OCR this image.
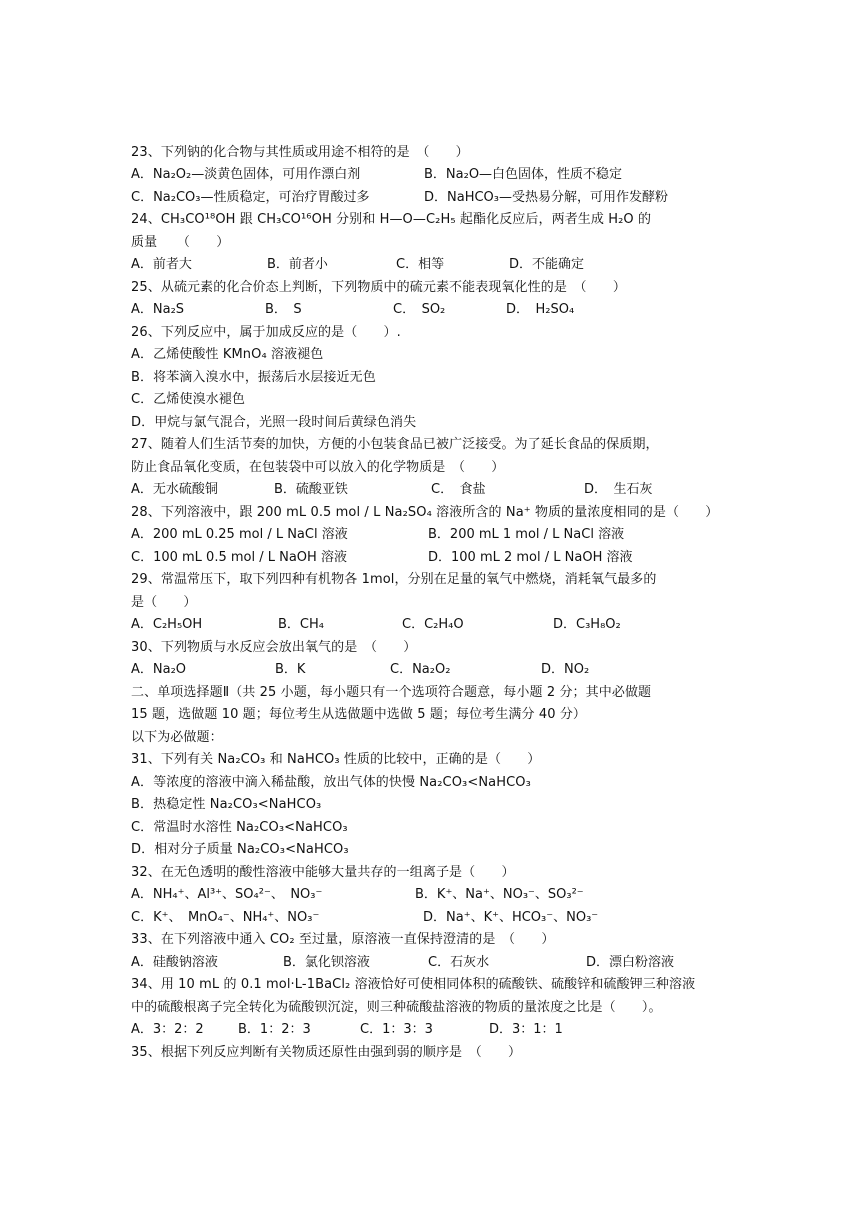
23、下列钠的化合物与其性质或用途不相符的是　（　　）
A．Na₂O₂—淡黄色固体，可用作漂白剂	B．Na₂O—白色固体，性质不稳定
C．Na₂CO₃—性质稳定，可治疗胃酸过多	D．NaHCO₃—受热易分解，可用作发酵粉
24、CH₃CO¹⁸OH 跟 CH₃CO¹⁶OH 分别和 H—O—C₂H₅ 起酯化反应后，两者生成 H₂O 的
质量　　（　　）
A．前者大	B．前者小	C．相等	D．不能确定
25、从硫元素的化合价态上判断，下列物质中的硫元素不能表现氧化性的是　（　　）
A．Na₂S	B．　S	C．　SO₂	D．　H₂SO₄
26、下列反应中，属于加成反应的是（　　）.
A．乙烯使酸性 KMnO₄ 溶液褪色
B．将苯滴入溴水中，振荡后水层接近无色
C．乙烯使溴水褪色
D．甲烷与氯气混合，光照一段时间后黄绿色消失
27、随着人们生活节奏的加快，方便的小包装食品已被广泛接受。为了延长食品的保质期，
防止食品氧化变质，在包装袋中可以放入的化学物质是　（　　）
A．无水硫酸铜	B．硫酸亚铁	C．　食盐	D．　生石灰
28、下列溶液中，跟 200 mL 0.5 mol / L Na₂SO₄ 溶液所含的 Na⁺ 物质的量浓度相同的是（　　）
A．200 mL 0.25 mol / L NaCl 溶液	B．200 mL 1 mol / L NaCl 溶液
C．100 mL 0.5 mol / L NaOH 溶液	D．100 mL 2 mol / L NaOH 溶液
29、常温常压下，取下列四种有机物各 1mol，分别在足量的氧气中燃烧，消耗氧气最多的
是（　　）
A．C₂H₅OH	B．CH₄	C．C₂H₄O	D．C₃H₈O₂
30、下列物质与水反应会放出氧气的是　（　　）
A．Na₂O	B．K	C．Na₂O₂	D．NO₂
二、单项选择题Ⅱ（共 25 小题，每小题只有一个选项符合题意，每小题 2 分；其中必做题
15 题，选做题 10 题；每位考生从选做题中选做 5 题；每位考生满分 40 分）
以下为必做题：
31、下列有关 Na₂CO₃ 和 NaHCO₃ 性质的比较中，正确的是（　　）
A．等浓度的溶液中滴入稀盐酸，放出气体的快慢 Na₂CO₃<NaHCO₃
B．热稳定性 Na₂CO₃<NaHCO₃
C．常温时水溶性 Na₂CO₃<NaHCO₃
D．相对分子质量 Na₂CO₃<NaHCO₃
32、在无色透明的酸性溶液中能够大量共存的一组离子是（　　）
A．NH₄⁺、Al³⁺、SO₄²⁻、　NO₃⁻	B．K⁺、Na⁺、NO₃⁻、SO₃²⁻
C．K⁺、　MnO₄⁻、NH₄⁺、NO₃⁻	D．Na⁺、K⁺、HCO₃⁻、NO₃⁻
33、在下列溶液中通入 CO₂ 至过量，原溶液一直保持澄清的是　（　　）
A．硅酸钠溶液	B．氯化钡溶液	C．石灰水	D．漂白粉溶液
34、用 10 mL 的 0.1 mol·L-1BaCl₂ 溶液恰好可使相同体积的硫酸铁、硫酸锌和硫酸钾三种溶液
中的硫酸根离子完全转化为硫酸钡沉淀，则三种硫酸盐溶液的物质的量浓度之比是（　　）。
A．3：2：2	B．1：2：3	C．1：3：3	D．3：1：1
35、根据下列反应判断有关物质还原性由强到弱的顺序是　（　　）
